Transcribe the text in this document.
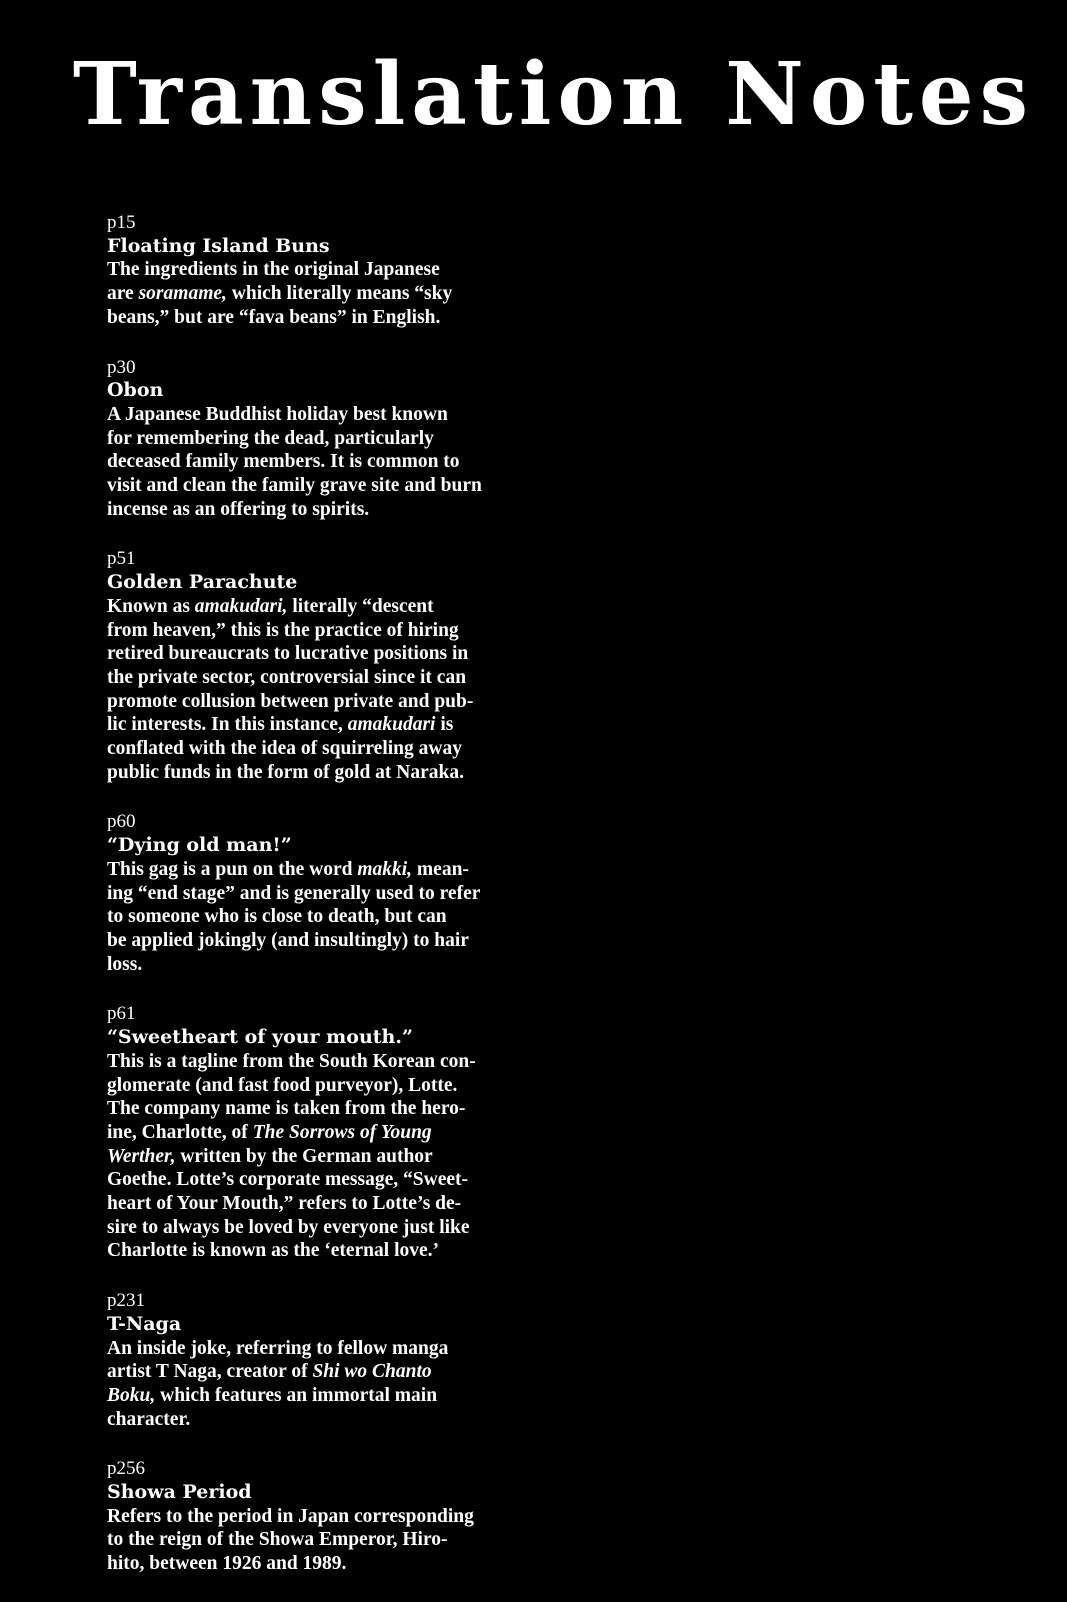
Translation Notes
p15
Floating Island Buns
The ingredients in the original Japanese
are soramame, which literally means “sky
beans,” but are “fava beans” in English.
p30
Obon
A Japanese Buddhist holiday best known
for remembering the dead, particularly
deceased family members. It is common to
visit and clean the family grave site and burn
incense as an offering to spirits.
p51
Golden Parachute
Known as amakudari, literally “descent
from heaven,” this is the practice of hiring
retired bureaucrats to lucrative positions in
the private sector, controversial since it can
promote collusion between private and pub-
lic interests. In this instance, amakudari is
conflated with the idea of squirreling away
public funds in the form of gold at Naraka.
p60
“Dying old man!”
This gag is a pun on the word makki, mean-
ing “end stage” and is generally used to refer
to someone who is close to death, but can
be applied jokingly (and insultingly) to hair
loss.
p61
“Sweetheart of your mouth.”
This is a tagline from the South Korean con-
glomerate (and fast food purveyor), Lotte.
The company name is taken from the hero-
ine, Charlotte, of The Sorrows of Young
Werther, written by the German author
Goethe. Lotte’s corporate message, “Sweet-
heart of Your Mouth,” refers to Lotte’s de-
sire to always be loved by everyone just like
Charlotte is known as the ‘eternal love.’
p231
T-Naga
An inside joke, referring to fellow manga
artist T Naga, creator of Shi wo Chanto
Boku, which features an immortal main
character.
p256
Showa Period
Refers to the period in Japan corresponding
to the reign of the Showa Emperor, Hiro-
hito, between 1926 and 1989.
